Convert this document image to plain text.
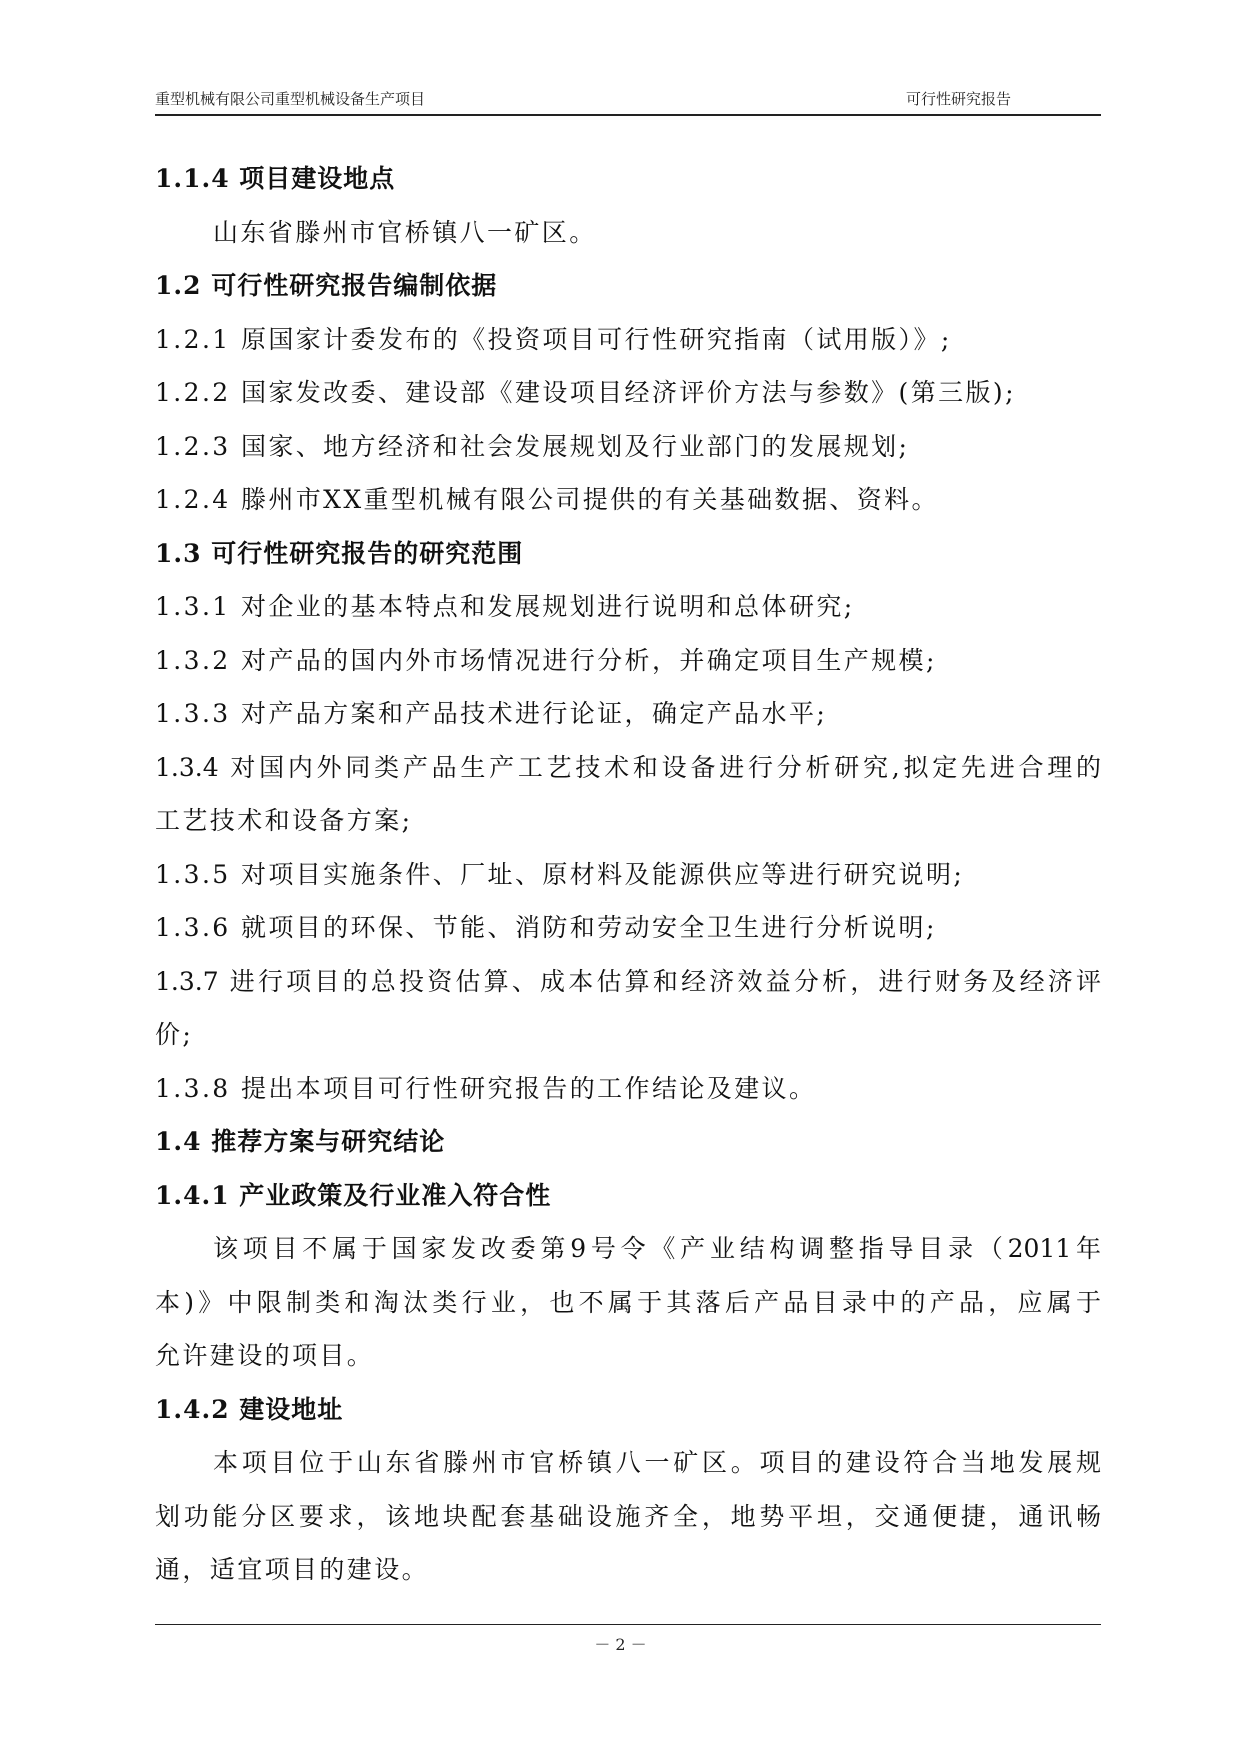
重型机械有限公司重型机械设备生产项目	可行性研究报告
1.1.4 项目建设地点
山东省滕州市官桥镇八一矿区。
1.2 可行性研究报告编制依据
1.2.1 原国家计委发布的《投资项目可行性研究指南（试用版）》;
1.2.2 国家发改委、建设部《建设项目经济评价方法与参数》(第三版);
1.2.3 国家、地方经济和社会发展规划及行业部门的发展规划;
1.2.4 滕州市XX重型机械有限公司提供的有关基础数据、资料。
1.3 可行性研究报告的研究范围
1.3.1 对企业的基本特点和发展规划进行说明和总体研究;
1.3.2 对产品的国内外市场情况进行分析，并确定项目生产规模;
1.3.3 对产品方案和产品技术进行论证，确定产品水平;
1.3.4 对国内外同类产品生产工艺技术和设备进行分析研究,拟定先进合理的
工艺技术和设备方案;
1.3.5 对项目实施条件、厂址、原材料及能源供应等进行研究说明;
1.3.6 就项目的环保、节能、消防和劳动安全卫生进行分析说明;
1.3.7 进行项目的总投资估算、成本估算和经济效益分析，进行财务及经济评
价;
1.3.8 提出本项目可行性研究报告的工作结论及建议。
1.4 推荐方案与研究结论
1.4.1 产业政策及行业准入符合性
该项目不属于国家发改委第9号令《产业结构调整指导目录（2011年
本)》中限制类和淘汰类行业，也不属于其落后产品目录中的产品，应属于
允许建设的项目。
1.4.2 建设地址
本项目位于山东省滕州市官桥镇八一矿区。项目的建设符合当地发展规
划功能分区要求，该地块配套基础设施齐全，地势平坦，交通便捷，通讯畅
通，适宜项目的建设。
－ 2 －
